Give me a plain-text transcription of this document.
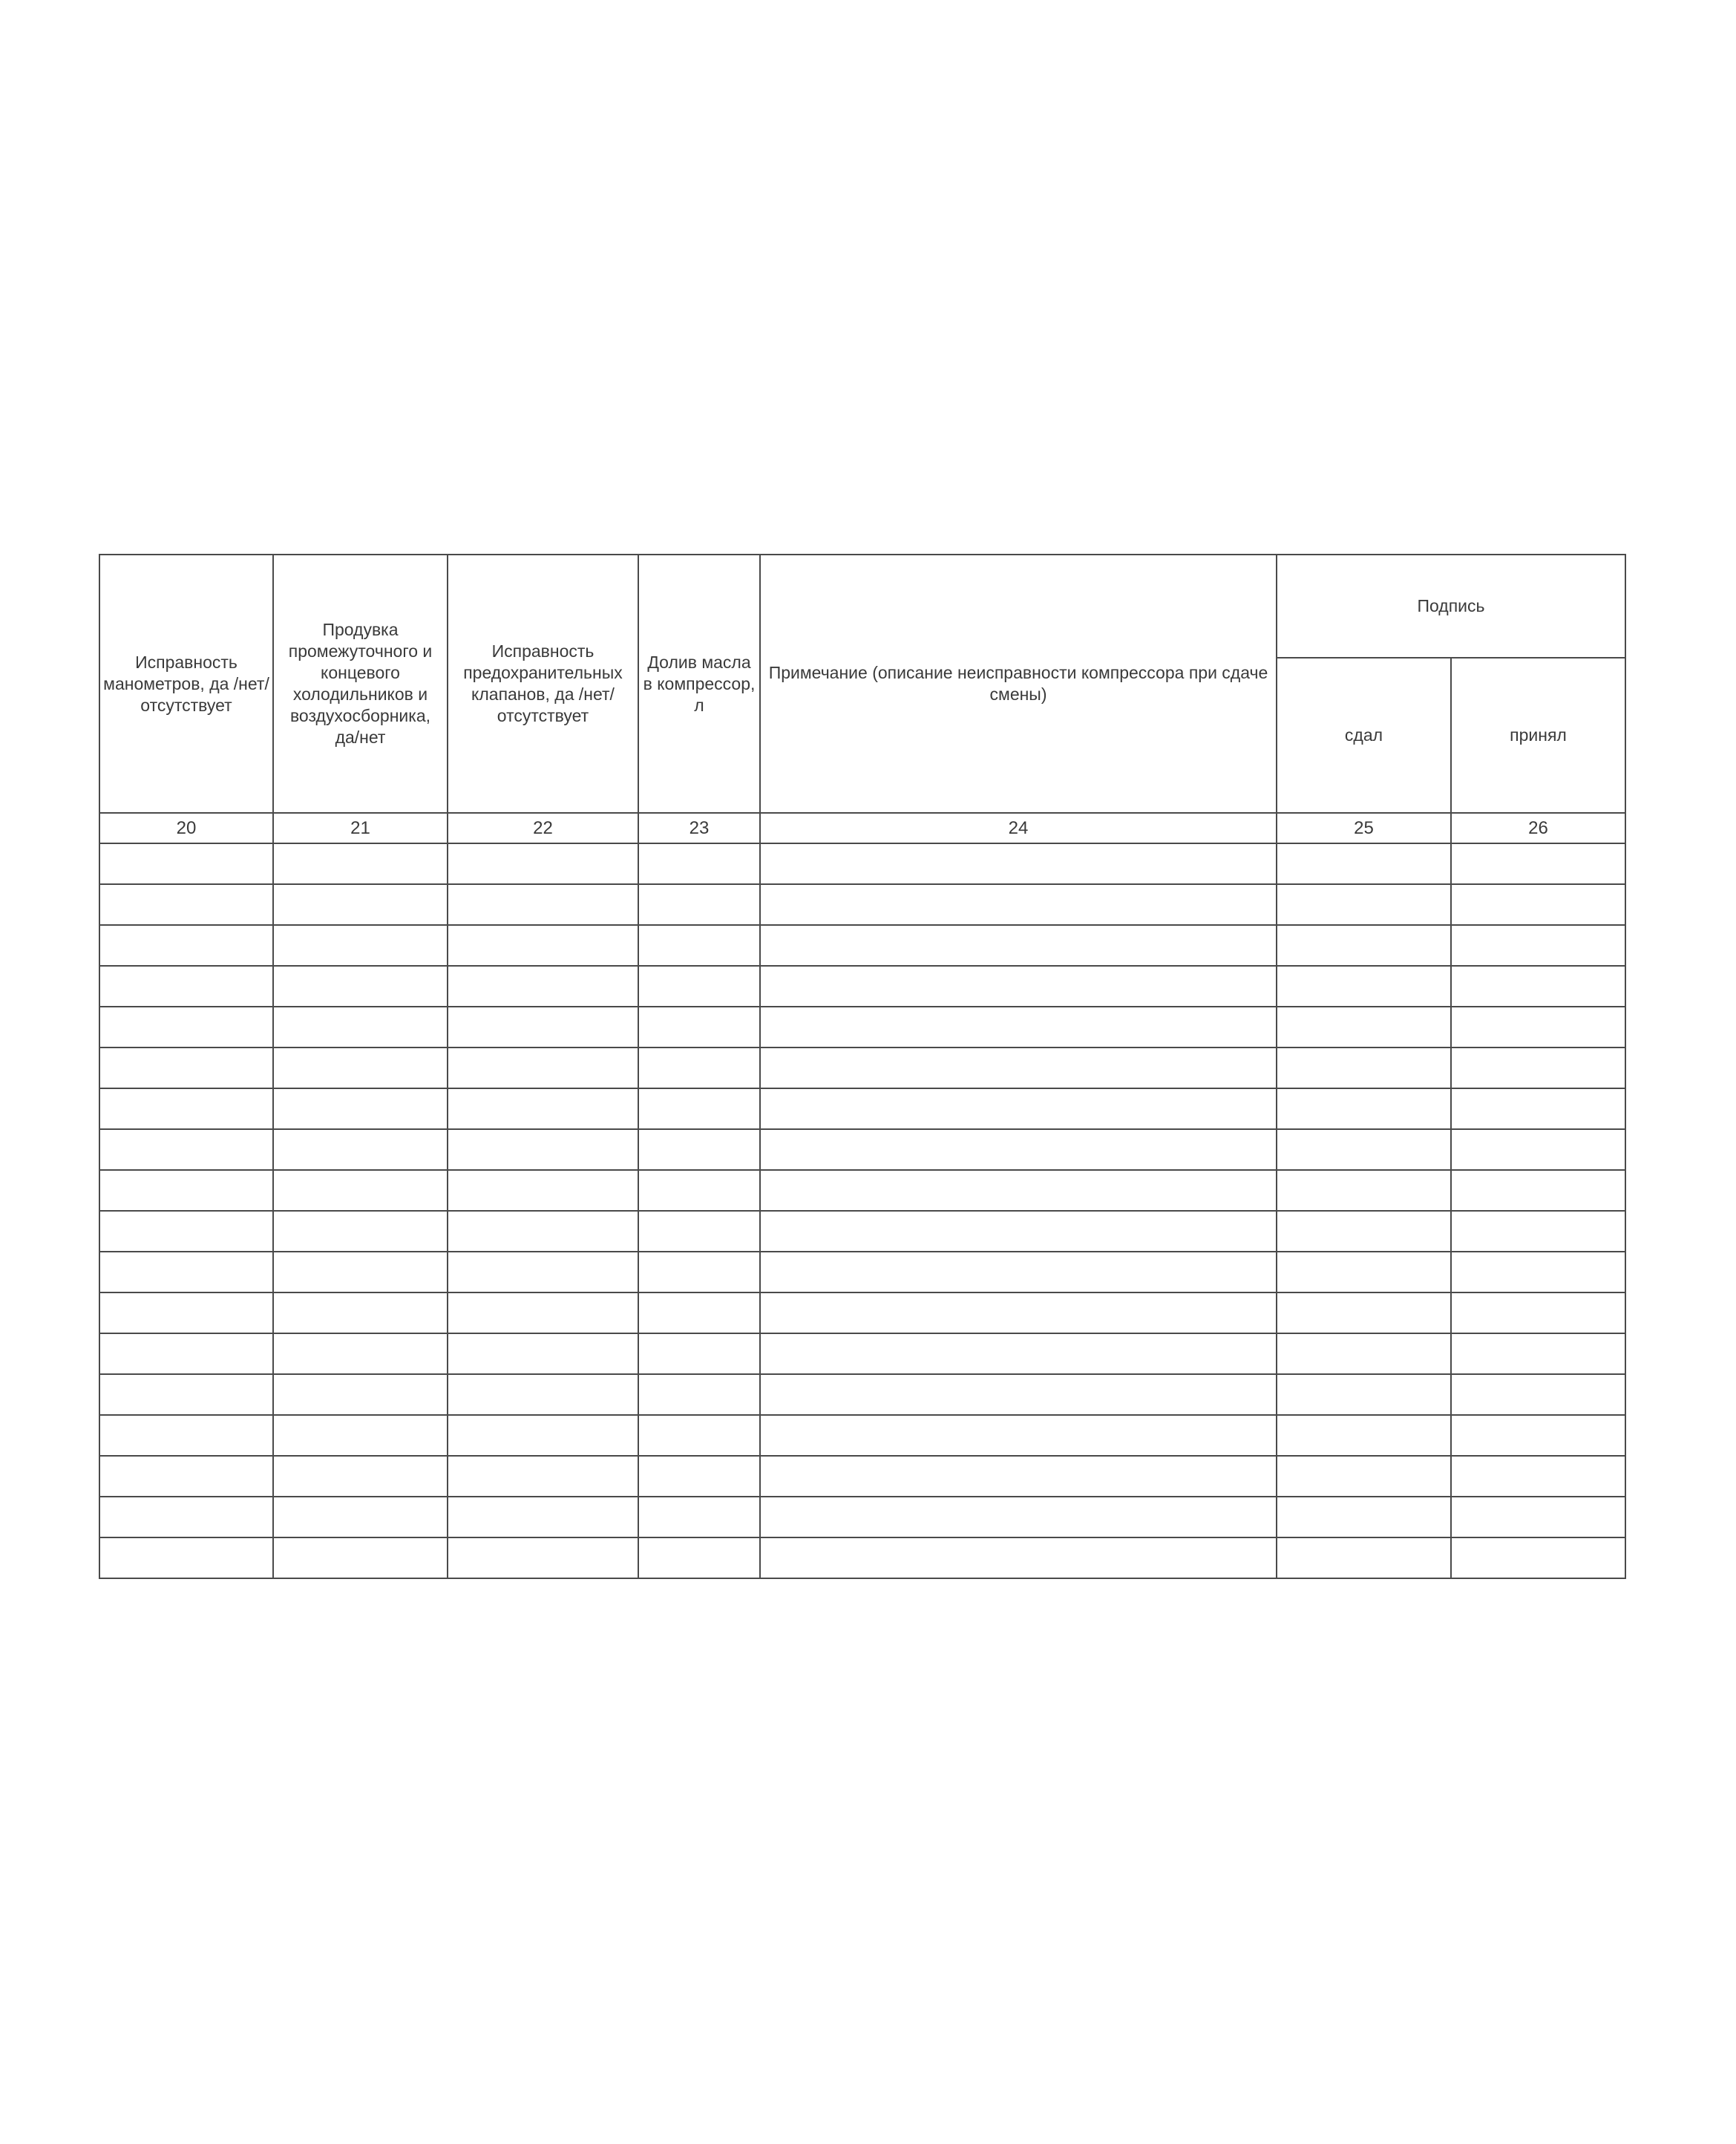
Исправность манометров, да /нет/ отсутствует	Продувка промежуточного и концевого холодильников и воздухосборника, да/нет	Исправность предохранительных клапанов, да /нет/ отсутствует	Долив масла в компрессор, л	Примечание (описание неисправности компрессора при сдаче смены)	Подпись	
					сдал	принял
20	21	22	23	24	25	26
